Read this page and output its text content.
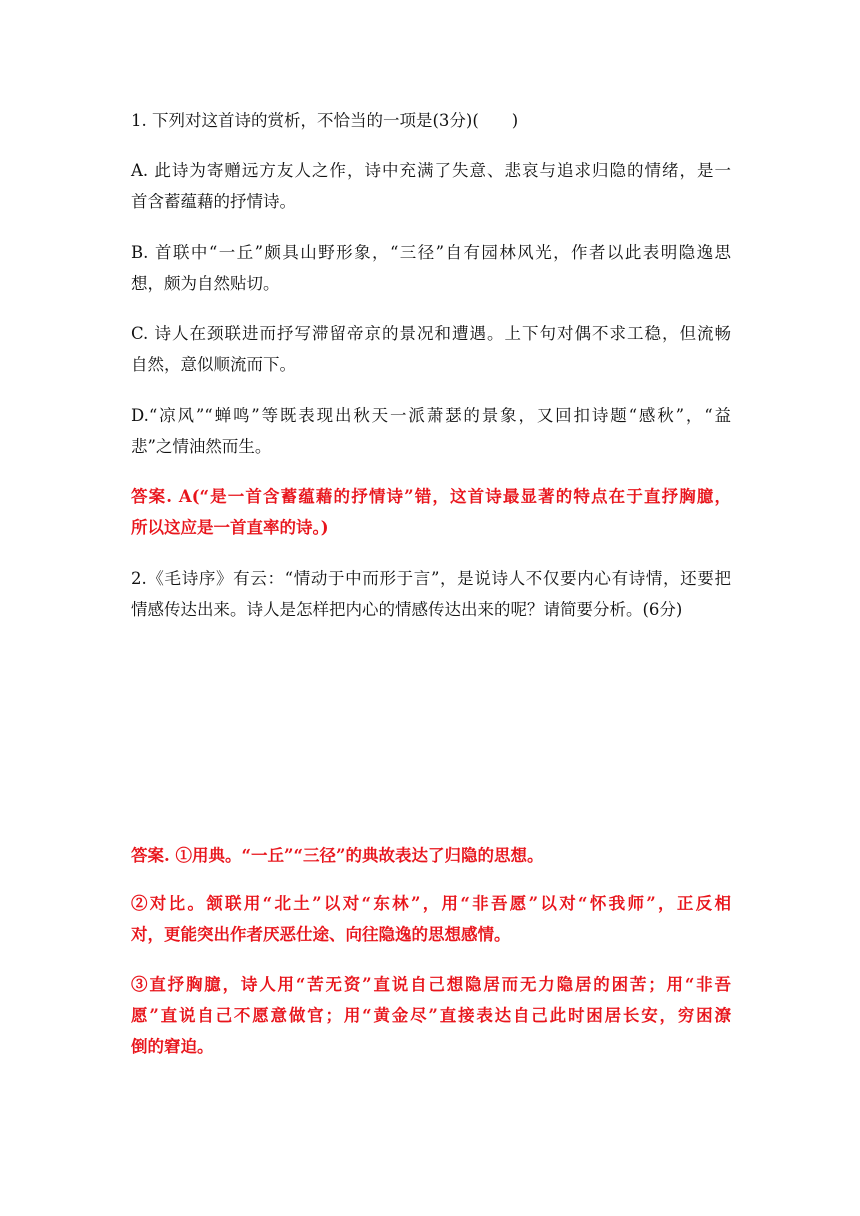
1. 下列对这首诗的赏析，不恰当的一项是(3分)(　　)
A. 此诗为寄赠远方友人之作，诗中充满了失意、悲哀与追求归隐的情绪，是一
首含蓄蕴藉的抒情诗。
B. 首联中“一丘”颇具山野形象，“三径”自有园林风光，作者以此表明隐逸思
想，颇为自然贴切。
C. 诗人在颈联进而抒写滞留帝京的景况和遭遇。上下句对偶不求工稳，但流畅
自然，意似顺流而下。
D.“凉风”“蝉鸣”等既表现出秋天一派萧瑟的景象，又回扣诗题“感秋”，“益
悲”之情油然而生。
答案. A(“是一首含蓄蕴藉的抒情诗”错，这首诗最显著的特点在于直抒胸臆，
所以这应是一首直率的诗。)
2.《毛诗序》有云：“情动于中而形于言”，是说诗人不仅要内心有诗情，还要把
情感传达出来。诗人是怎样把内心的情感传达出来的呢？请简要分析。(6分)
答案. ①用典。“一丘”“三径”的典故表达了归隐的思想。
②对比。颔联用“北土”以对“东林”，用“非吾愿”以对“怀我师”，正反相
对，更能突出作者厌恶仕途、向往隐逸的思想感情。
③直抒胸臆，诗人用“苦无资”直说自己想隐居而无力隐居的困苦；用“非吾
愿”直说自己不愿意做官；用“黄金尽”直接表达自己此时困居长安，穷困潦
倒的窘迫。
